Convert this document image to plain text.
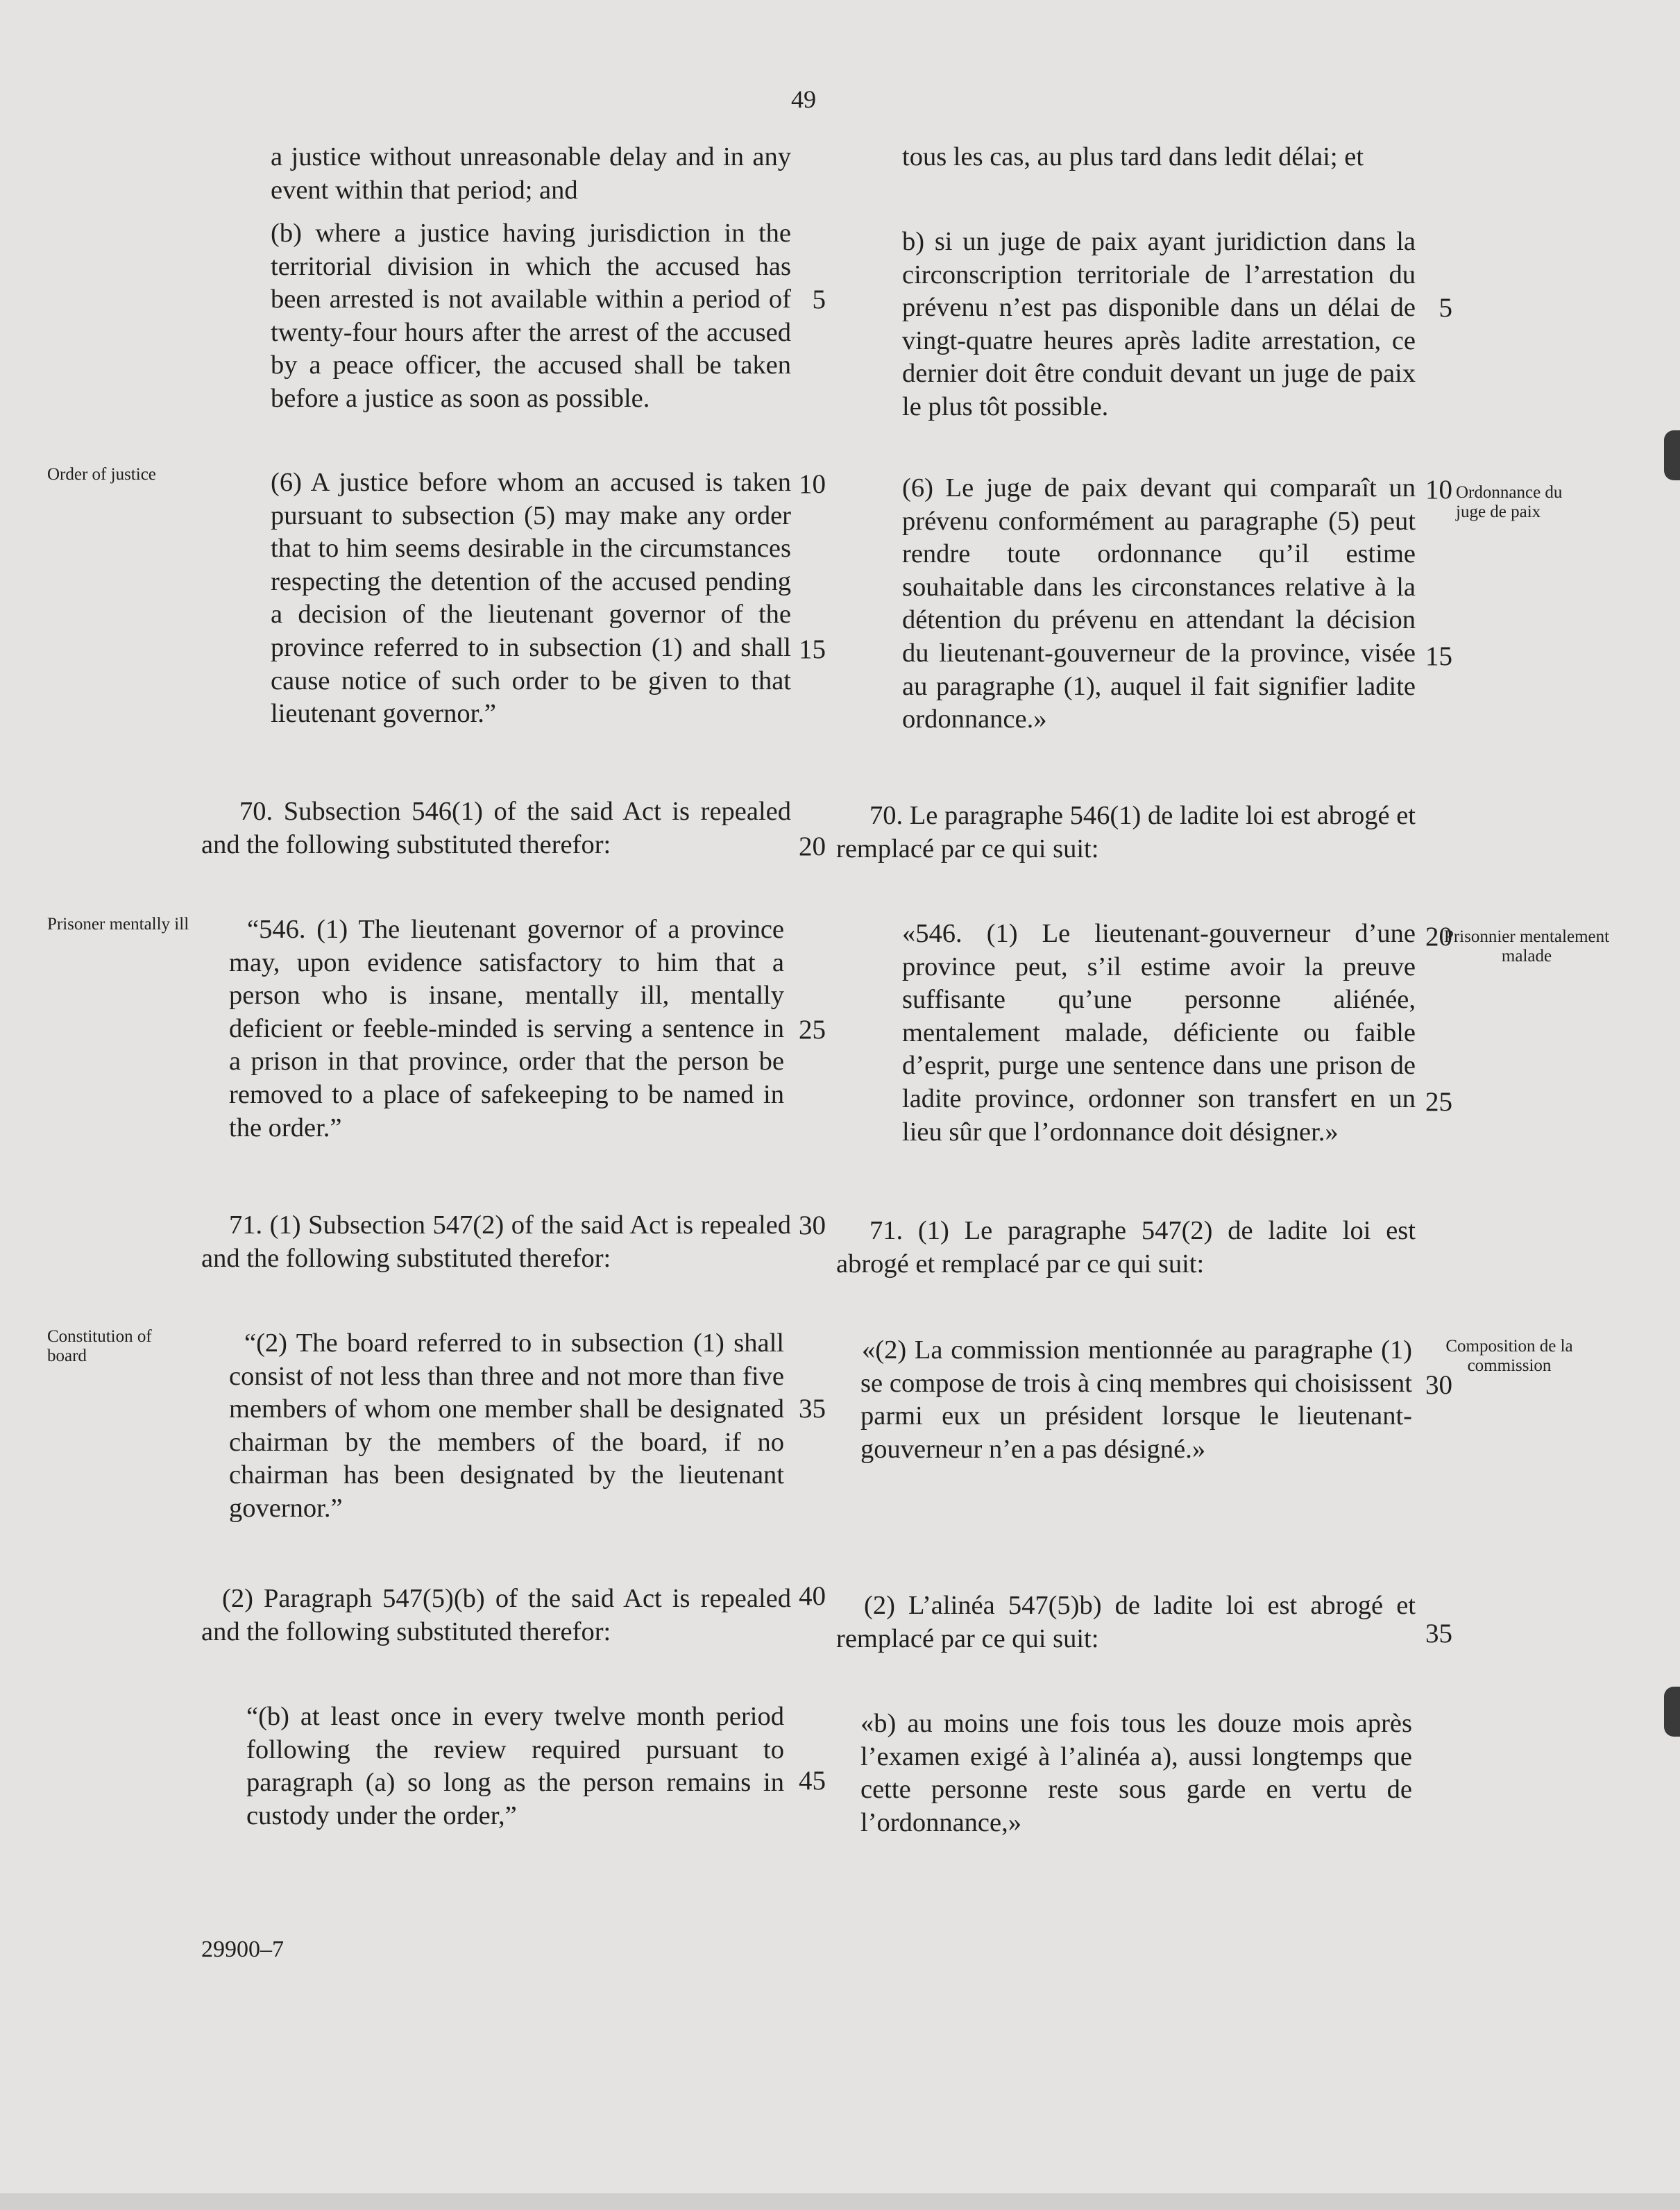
49

a justice without unreasonable delay and in any event within that period; and

(b) where a justice having jurisdiction in the territorial division in which the accused has been arrested is not available within a period of twenty-four hours after the arrest of the accused by a peace officer, the accused shall be taken before a justice as soon as possible.

(6) A justice before whom an accused is taken pursuant to subsection (5) may make any order that to him seems desirable in the circumstances respecting the detention of the accused pending a decision of the lieutenant governor of the province referred to in subsection (1) and shall cause notice of such order to be given to that lieutenant governor.”

70. Subsection 546(1) of the said Act is repealed and the following substituted therefor:

“546. (1) The lieutenant governor of a province may, upon evidence satisfactory to him that a person who is insane, mentally ill, mentally deficient or feeble-minded is serving a sentence in a prison in that province, order that the person be removed to a place of safekeeping to be named in the order.”

71. (1) Subsection 547(2) of the said Act is repealed and the following substituted therefor:

“(2) The board referred to in subsection (1) shall consist of not less than three and not more than five members of whom one member shall be designated chairman by the members of the board, if no chairman has been designated by the lieutenant governor.”

(2) Paragraph 547(5)(b) of the said Act is repealed and the following substituted therefor:

“(b) at least once in every twelve month period following the review required pursuant to paragraph (a) so long as the person remains in custody under the order,”

tous les cas, au plus tard dans ledit délai; et

b) si un juge de paix ayant juridiction dans la circonscription territoriale de l’arrestation du prévenu n’est pas disponible dans un délai de vingt-quatre heures après ladite arrestation, ce dernier doit être conduit devant un juge de paix le plus tôt possible.

(6) Le juge de paix devant qui comparaît un prévenu conformément au paragraphe (5) peut rendre toute ordonnance qu’il estime souhaitable dans les circonstances relative à la détention du prévenu en attendant la décision du lieutenant-gouverneur de la province, visée au paragraphe (1), auquel il fait signifier ladite ordonnance.»

70. Le paragraphe 546(1) de ladite loi est abrogé et remplacé par ce qui suit:

«546. (1) Le lieutenant-gouverneur d’une province peut, s’il estime avoir la preuve suffisante qu’une personne aliénée, mentalement malade, déficiente ou faible d’esprit, purge une sentence dans une prison de ladite province, ordonner son transfert en un lieu sûr que l’ordonnance doit désigner.»

71. (1) Le paragraphe 547(2) de ladite loi est abrogé et remplacé par ce qui suit:

«(2) La commission mentionnée au paragraphe (1) se compose de trois à cinq membres qui choisissent parmi eux un président lorsque le lieutenant-gouverneur n’en a pas désigné.»

(2) L’alinéa 547(5)b) de ladite loi est abrogé et remplacé par ce qui suit:

«b) au moins une fois tous les douze mois après l’examen exigé à l’alinéa a), aussi longtemps que cette personne reste sous garde en vertu de l’ordonnance,»

5
10
15
20
25
30
35
40
45
5
10
15
20
25
30
35
Order of justice
Prisoner mentally ill
Constitution of board
Ordonnance du juge de paix
Prisonnier mentalement malade
Composition de la commission
29900–7
